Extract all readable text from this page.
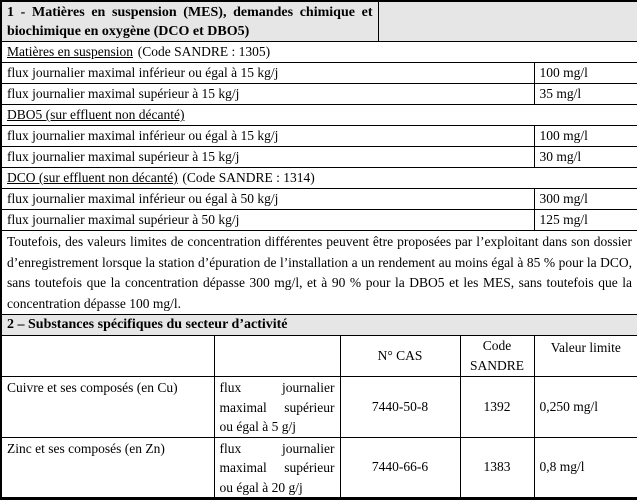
1 - Matières en suspension (MES), demandes chimique et biochimique en oxygène (DCO et DBO5)					
Matières en suspension (Code SANDRE : 1305)					
flux journalier maximal inférieur ou égal à 15 kg/j					100 mg/l
flux journalier maximal supérieur à 15 kg/j					35 mg/l
DBO5 (sur effluent non décanté)					
flux journalier maximal inférieur ou égal à 15 kg/j					100 mg/l
flux journalier maximal supérieur à 15 kg/j					30 mg/l
DCO (sur effluent non décanté) (Code SANDRE : 1314)					
flux journalier maximal inférieur ou égal à 50 kg/j					300 mg/l
flux journalier maximal supérieur à 50 kg/j					125 mg/l
Toutefois, des valeurs limites de concentration différentes peuvent être proposées par l’exploitant dans son dossier d’enregistrement lorsque la station d’épuration de l’installation a un rendement au moins égal à 85 % pour la DCO, sans toutefois que la concentration dépasse 300 mg/l, et à 90 % pour la DBO5 et les MES, sans toutefois que la concentration dépasse 100 mg/l.					
2 – Substances spécifiques du secteur d’activité					
		N° CAS		Code SANDRE	Valeur limite
Cuivre et ses composés (en Cu)	flux journalier maximal supérieur ou égal à 5 g/j	7440-50-8		1392	0,250 mg/l
Zinc et ses composés (en Zn)	flux journalier maximal supérieur ou égal à 20 g/j	7440-66-6		1383	0,8 mg/l
